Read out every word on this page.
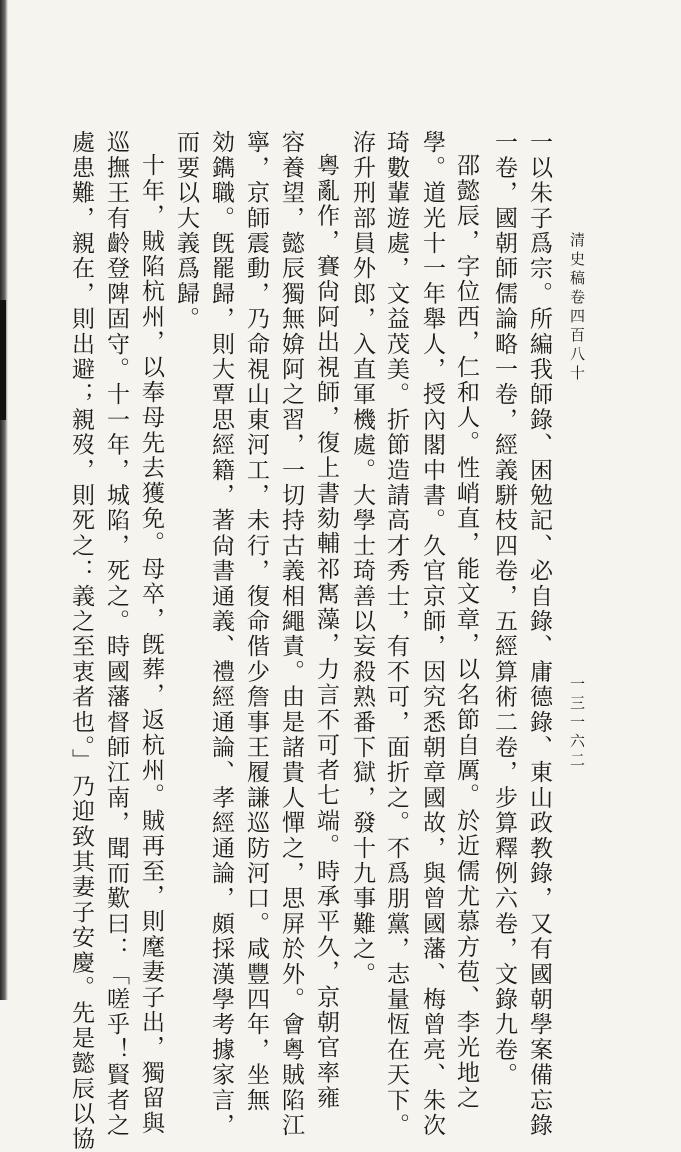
清史稿卷四百八十
一三一六二
一以朱子爲宗。所編我師錄、困勉記、必自錄、庸德錄、東山政教錄，又有國朝學案備忘錄
一卷，國朝師儒論略一卷，經義駢枝四卷，五經算術二卷，步算釋例六卷，文錄九卷。
邵懿辰，字位西，仁和人。性峭直，能文章，以名節自厲。於近儒尤慕方苞、李光地之
學。道光十一年舉人，授內閣中書。久官京師，因究悉朝章國故，與曾國藩、梅曾亮、朱次
琦數輩遊處，文益茂美。折節造請高才秀士，有不可，面折之。不爲朋黨，志量恆在天下。
洊升刑部員外郎，入直軍機處。大學士琦善以妄殺熟番下獄，發十九事難之。
粵亂作，賽尙阿出視師，復上書劾輔祁寯藻，力言不可者七端。時承平久，京朝官率雍
容養望，懿辰獨無媕阿之習，一切持古義相繩責。由是諸貴人憚之，思屏於外。會粵賊陷江
寧，京師震動，乃命視山東河工，未行，復命偕少詹事王履謙巡防河口。咸豐四年，坐無
効鐫職。旣罷歸，則大覃思經籍，著尙書通義、禮經通論、孝經通論，頗採漢學考據家言，
而要以大義爲歸。
十年，賊陷杭州，以奉母先去獲免。母卒，旣葬，返杭州。賊再至，則麾妻子出，獨留與
巡撫王有齡登陴固守。十一年，城陷，死之。時國藩督師江南，聞而歎曰：「嗟乎！賢者之
處患難，親在，則出避；親歿，則死之：義之至衷者也。」乃迎致其妻子安慶。先是懿辰以協
